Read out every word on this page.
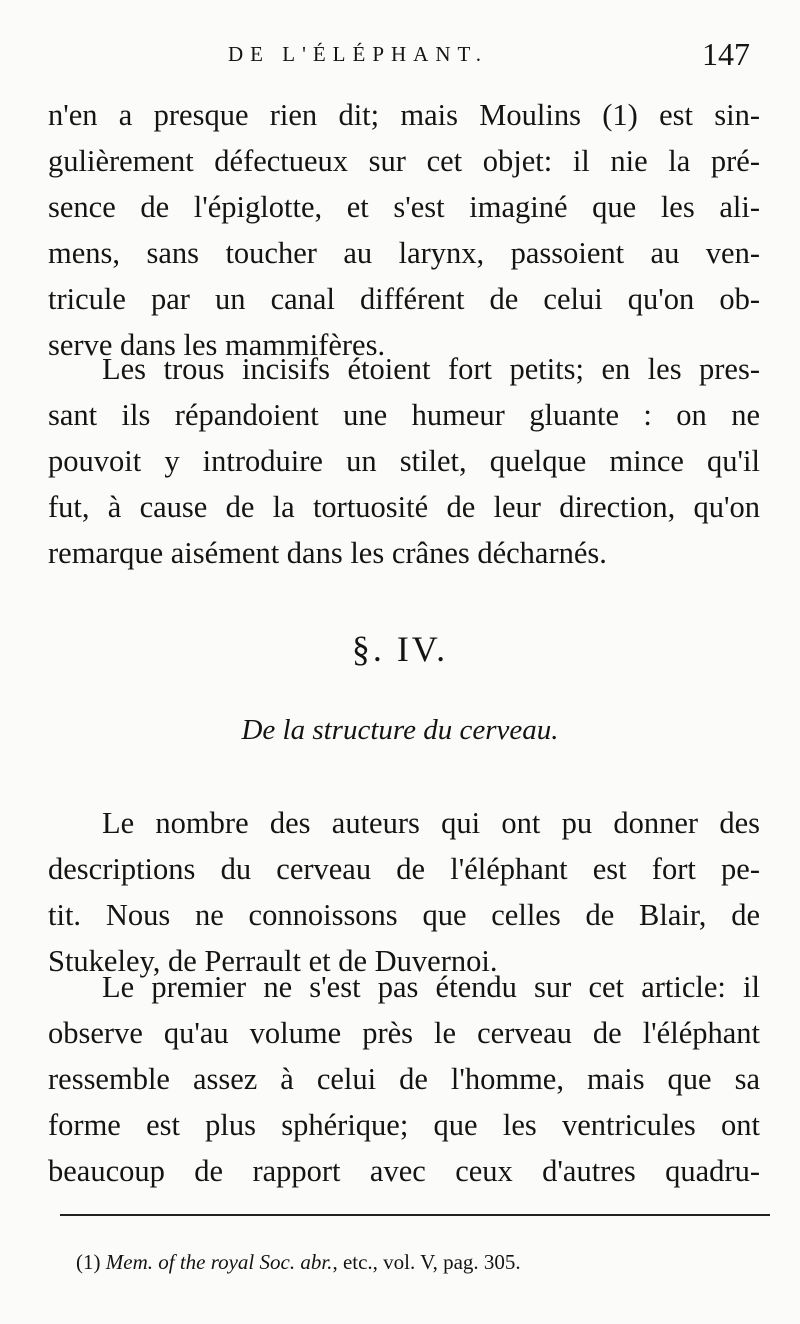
DE L'ÉLÉPHANT.	147
n'en a presque rien dit; mais Moulins (1) est sin-
gulièrement défectueux sur cet objet: il nie la pré-
sence de l'épiglotte, et s'est imaginé que les ali-
mens, sans toucher au larynx, passoient au ven-
tricule par un canal différent de celui qu'on ob-
serve dans les mammifères.
Les trous incisifs étoient fort petits; en les pres-
sant ils répandoient une humeur gluante : on ne
pouvoit y introduire un stilet, quelque mince qu'il
fut, à cause de la tortuosité de leur direction, qu'on
remarque aisément dans les crânes décharnés.
§. IV.
De la structure du cerveau.
Le nombre des auteurs qui ont pu donner des
descriptions du cerveau de l'éléphant est fort pe-
tit. Nous ne connoissons que celles de Blair, de
Stukeley, de Perrault et de Duvernoi.
Le premier ne s'est pas étendu sur cet article: il
observe qu'au volume près le cerveau de l'éléphant
ressemble assez à celui de l'homme, mais que sa
forme est plus sphérique; que les ventricules ont
beaucoup de rapport avec ceux d'autres quadru-
(1) Mem. of the royal Soc. abr., etc., vol. V, pag. 305.
